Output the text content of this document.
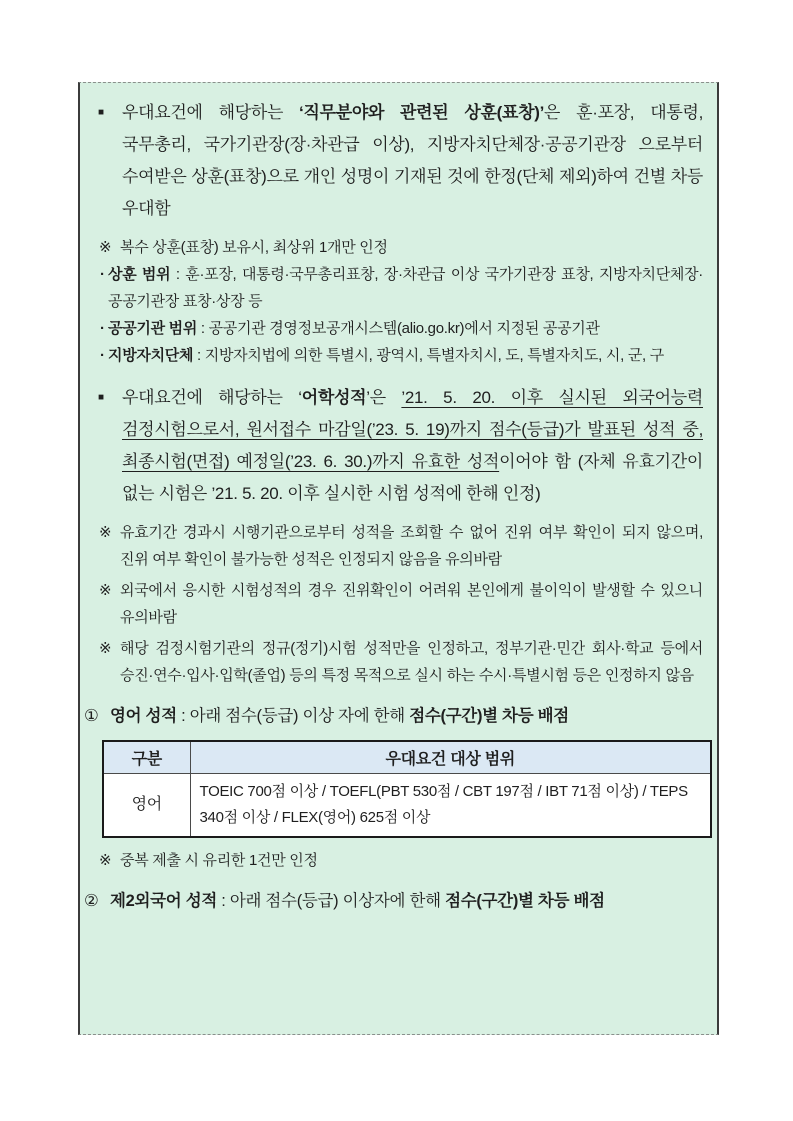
■	우대요건에 해당하는 ‘직무분야와 관련된 상훈(표창)’은 훈·포장, 대통령, 국무총리, 국가기관장(장·차관급 이상), 지방자치단체장·공공기관장 으로부터 수여받은 상훈(표창)으로 개인 성명이 기재된 것에 한정(단체 제외)하여 건별 차등 우대함
※ 복수 상훈(표창) 보유시, 최상위 1개만 인정
· 상훈 범위 : 훈·포장, 대통령·국무총리표창, 장·차관급 이상 국가기관장 표창, 지방자치단체장·공공기관장 표창·상장 등
· 공공기관 범위 : 공공기관 경영정보공개시스템(alio.go.kr)에서 지정된 공공기관
· 지방자치단체 : 지방자치법에 의한 특별시, 광역시, 특별자치시, 도, 특별자치도, 시, 군, 구
■	우대요건에 해당하는 ‘어학성적’은 ’21. 5. 20. 이후 실시된 외국어능력 검정시험으로서, 원서접수 마감일(’23. 5. 19)까지 점수(등급)가 발표된 성적 중, 최종시험(면접) 예정일(’23. 6. 30.)까지 유효한 성적이어야 함 (자체 유효기간이 없는 시험은 ’21. 5. 20. 이후 실시한 시험 성적에 한해 인정)
※ 유효기간 경과시 시행기관으로부터 성적을 조회할 수 없어 진위 여부 확인이 되지 않으며, 진위 여부 확인이 불가능한 성적은 인정되지 않음을 유의바람
※ 외국에서 응시한 시험성적의 경우 진위확인이 어려워 본인에게 불이익이 발생할 수 있으니 유의바람
※ 해당 검정시험기관의 정규(정기)시험 성적만을 인정하고, 정부기관·민간 회사·학교 등에서 승진·연수·입사·입학(졸업) 등의 특정 목적으로 실시 하는 수시·특별시험 등은 인정하지 않음
① 영어 성적 : 아래 점수(등급) 이상 자에 한해 점수(구간)별 차등 배점
구분	우대요건 대상 범위
영어	TOEIC 700점 이상 / TOEFL(PBT 530점 / CBT 197점 / IBT 71점 이상) / TEPS 340점 이상 / FLEX(영어) 625점 이상
※ 중복 제출 시 유리한 1건만 인정
② 제2외국어 성적 : 아래 점수(등급) 이상자에 한해 점수(구간)별 차등 배점
